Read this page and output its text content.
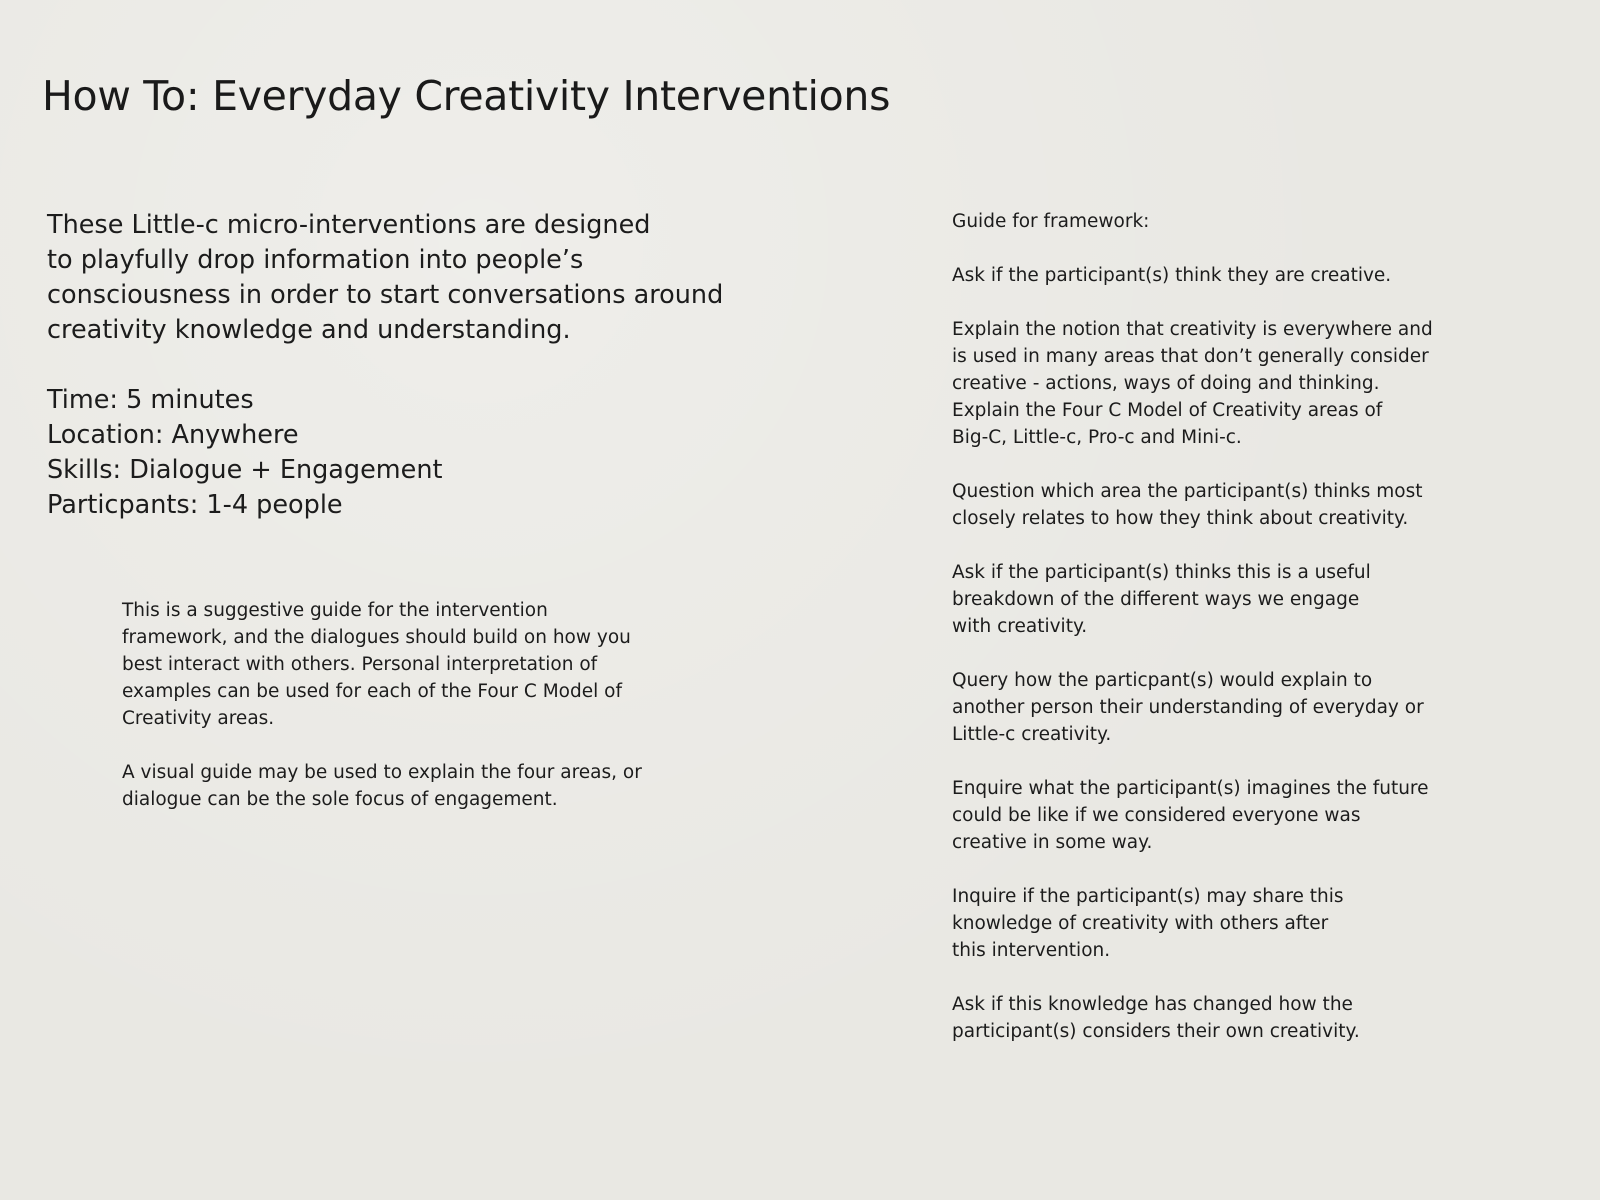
How To: Everyday Creativity Interventions

These Little-c micro-interventions are designed
to playfully drop information into people’s
consciousness in order to start conversations around
creativity knowledge and understanding.

Time: 5 minutes
Location: Anywhere
Skills: Dialogue + Engagement
Particpants: 1-4 people

This is a suggestive guide for the intervention
framework, and the dialogues should build on how you
best interact with others. Personal interpretation of
examples can be used for each of the Four C Model of
Creativity areas.

A visual guide may be used to explain the four areas, or
dialogue can be the sole focus of engagement.

Guide for framework:

Ask if the participant(s) think they are creative.

Explain the notion that creativity is everywhere and
is used in many areas that don’t generally consider
creative - actions, ways of doing and thinking.
Explain the Four C Model of Creativity areas of
Big-C, Little-c, Pro-c and Mini-c.

Question which area the participant(s) thinks most
closely relates to how they think about creativity.

Ask if the participant(s) thinks this is a useful
breakdown of the different ways we engage
with creativity.

Query how the particpant(s) would explain to
another person their understanding of everyday or
Little-c creativity.

Enquire what the participant(s) imagines the future
could be like if we considered everyone was
creative in some way.

Inquire if the participant(s) may share this
knowledge of creativity with others after
this intervention.

Ask if this knowledge has changed how the
participant(s) considers their own creativity.
